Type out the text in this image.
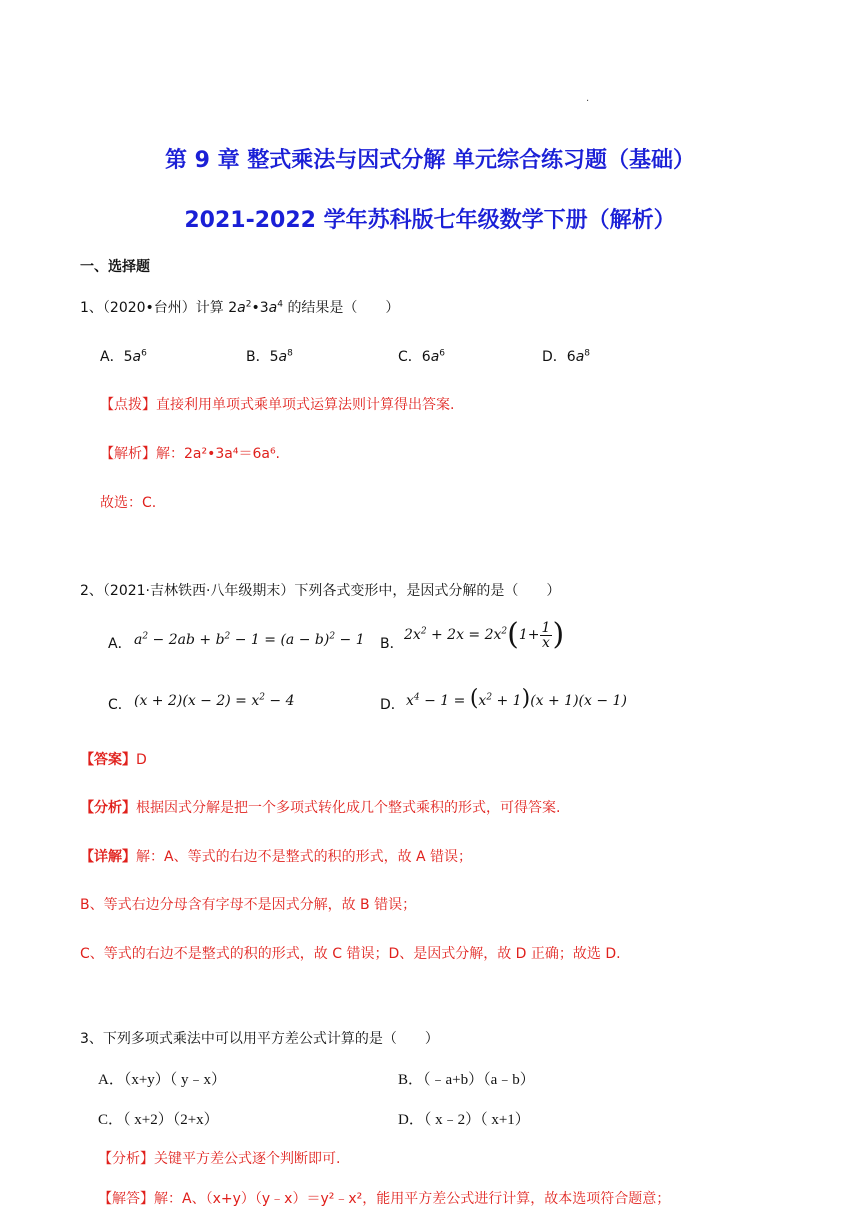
·
第 9 章 整式乘法与因式分解 单元综合练习题（基础）
2021-2022 学年苏科版七年级数学下册（解析）
一、选择题
1、（2020•台州）计算 $2a^2•3a^4$ 的结果是（　　）
A．$5a^6$	B．$5a^8$	C．$6a^6$	D．$6a^8$
【点拨】直接利用单项式乘单项式运算法则计算得出答案.
【解析】解：2a²•3a⁴＝6a⁶.
故选：C.
2、（2021·吉林铁西·八年级期末）下列各式变形中，是因式分解的是（　　）
A． $a^2 - 2ab + b^2 - 1 = (a - b)^2 - 1$ B．
$2x^2 + 2x = 2x^2(1+ \frac{1}{x}$ )
C． $(x + 2)(x - 2) = x^2 - 4$	D． $x^4 - 1 = (x^2 + 1)(x + 1)(x - 1)$
【答案】D
【分析】根据因式分解是把一个多项式转化成几个整式乘积的形式，可得答案.
【详解】解：A、等式的右边不是整式的积的形式，故 A 错误；
B、等式右边分母含有字母不是因式分解，故 B 错误；
C、等式的右边不是整式的积的形式，故 C 错误；D、是因式分解，故 D 正确；故选 D.
3、下列多项式乘法中可以用平方差公式计算的是（　　）
A．（x+y）（ y﹣x）	B．（﹣a+b）（a﹣b）
C．（ x+2）（2+x）	D．（ x﹣2）（ x+1）
【分析】关键平方差公式逐个判断即可.
【解答】解：A、（x+y）（y﹣x）＝y²﹣x²，能用平方差公式进行计算，故本选项符合题意；
